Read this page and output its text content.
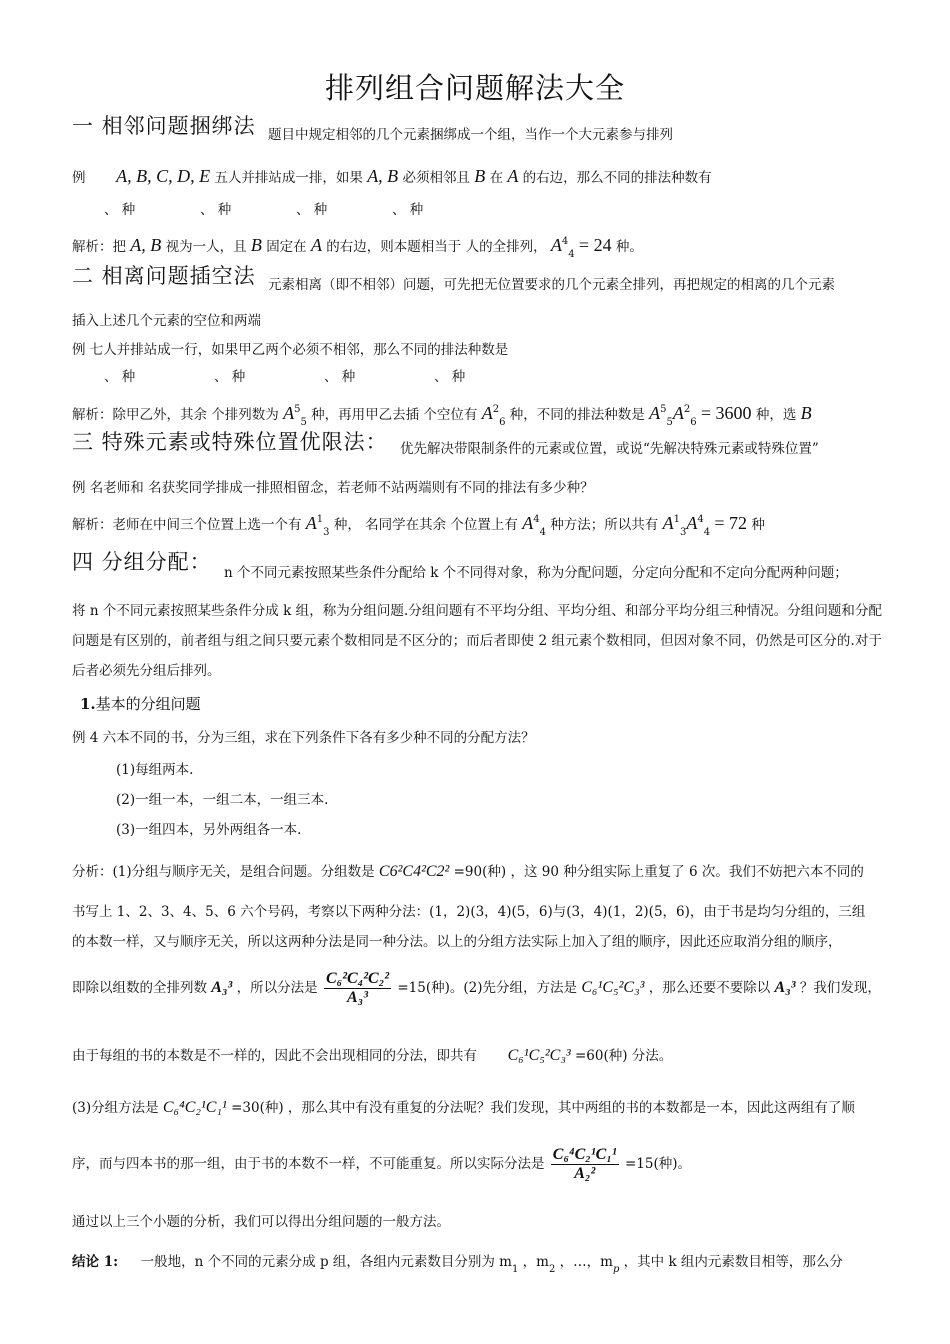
排列组合问题解法大全
一 相邻问题捆绑法 题目中规定相邻的几个元素捆绑成一个组，当作一个大元素参与排列
例 A, B, C, D, E 五人并排站成一排，如果 A, B 必须相邻且 B 在 A 的右边，那么不同的排法种数有
、 种	、 种	、 种	、 种
解析：把 A, B 视为一人，且 B 固定在 A 的右边，则本题相当于 人的全排列， $A^4_4 = 24$ 种。
二 相离问题插空法 元素相离（即不相邻）问题，可先把无位置要求的几个元素全排列，再把规定的相离的几个元素
插入上述几个元素的空位和两端
例 七人并排站成一行，如果甲乙两个必须不相邻，那么不同的排法种数是
、 种	、 种	、 种	、 种
解析：除甲乙外，其余 个排列数为 $A^5_5$ 种，再用甲乙去插 个空位有 $A^2_6$ 种，不同的排法种数是 $A^5_5A^2_6 = 3600$ 种，选 B
三 特殊元素或特殊位置优限法： 优先解决带限制条件的元素或位置，或说“先解决特殊元素或特殊位置”
例 名老师和 名获奖同学排成一排照相留念，若老师不站两端则有不同的排法有多少种？
解析：老师在中间三个位置上选一个有 $A^1_3$ 种， 名同学在其余 个位置上有 $A^4_4$ 种方法；所以共有 $A^1_3A^4_4 = 72$ 种
四 分组分配： n 个不同元素按照某些条件分配给 k 个不同得对象，称为分配问题，分定向分配和不定向分配两种问题；
将 n 个不同元素按照某些条件分成 k 组，称为分组问题.分组问题有不平均分组、平均分组、和部分平均分组三种情况。分组问题和分配问题是有区别的，前者组与组之间只要元素个数相同是不区分的；而后者即使 2 组元素个数相同，但因对象不同，仍然是可区分的.对于后者必须先分组后排列。
1.基本的分组问题
例 4 六本不同的书，分为三组，求在下列条件下各有多少种不同的分配方法？
(1)每组两本.
(2)一组一本，一组二本，一组三本.
(3)一组四本，另外两组各一本.
分析：(1)分组与顺序无关，是组合问题。分组数是 C6²C4²C2² =90(种) ，这 90 种分组实际上重复了 6 次。我们不妨把六本不同的
书写上 1、2、3、4、5、6 六个号码，考察以下两种分法：(1，2)(3，4)(5，6)与(3，4)(1，2)(5，6)，由于书是均匀分组的，三组
的本数一样，又与顺序无关，所以这两种分法是同一种分法。以上的分组方法实际上加入了组的顺序，因此还应取消分组的顺序，
即除以组数的全排列数 A₃³ ，所以分法是 $\frac{\text{C₆²C₄²C₂²}}{\text{A₃³}} =15$(种)。(2)先分组，方法是 C₆¹C₅²C₃³ ，那么还要不要除以 A₃³ ？我们发现，
由于每组的书的本数是不一样的，因此不会出现相同的分法，即共有 C₆¹C₅²C₃³ =60(种) 分法。
(3)分组方法是 C₆⁴C₂¹C₁¹ =30(种) ，那么其中有没有重复的分法呢？我们发现，其中两组的书的本数都是一本，因此这两组有了顺
序，而与四本书的那一组，由于书的本数不一样，不可能重复。所以实际分法是 $\frac{\text{C₆⁴C₂¹C₁¹}}{\text{A₂²}} =15$(种)。
通过以上三个小题的分析，我们可以得出分组问题的一般方法。
结论 1: 一般地，n 个不同的元素分成 p 组，各组内元素数目分别为 $m_1$ ，$m_2$ ，…，$m_p$ ，其中 k 组内元素数目相等，那么分
